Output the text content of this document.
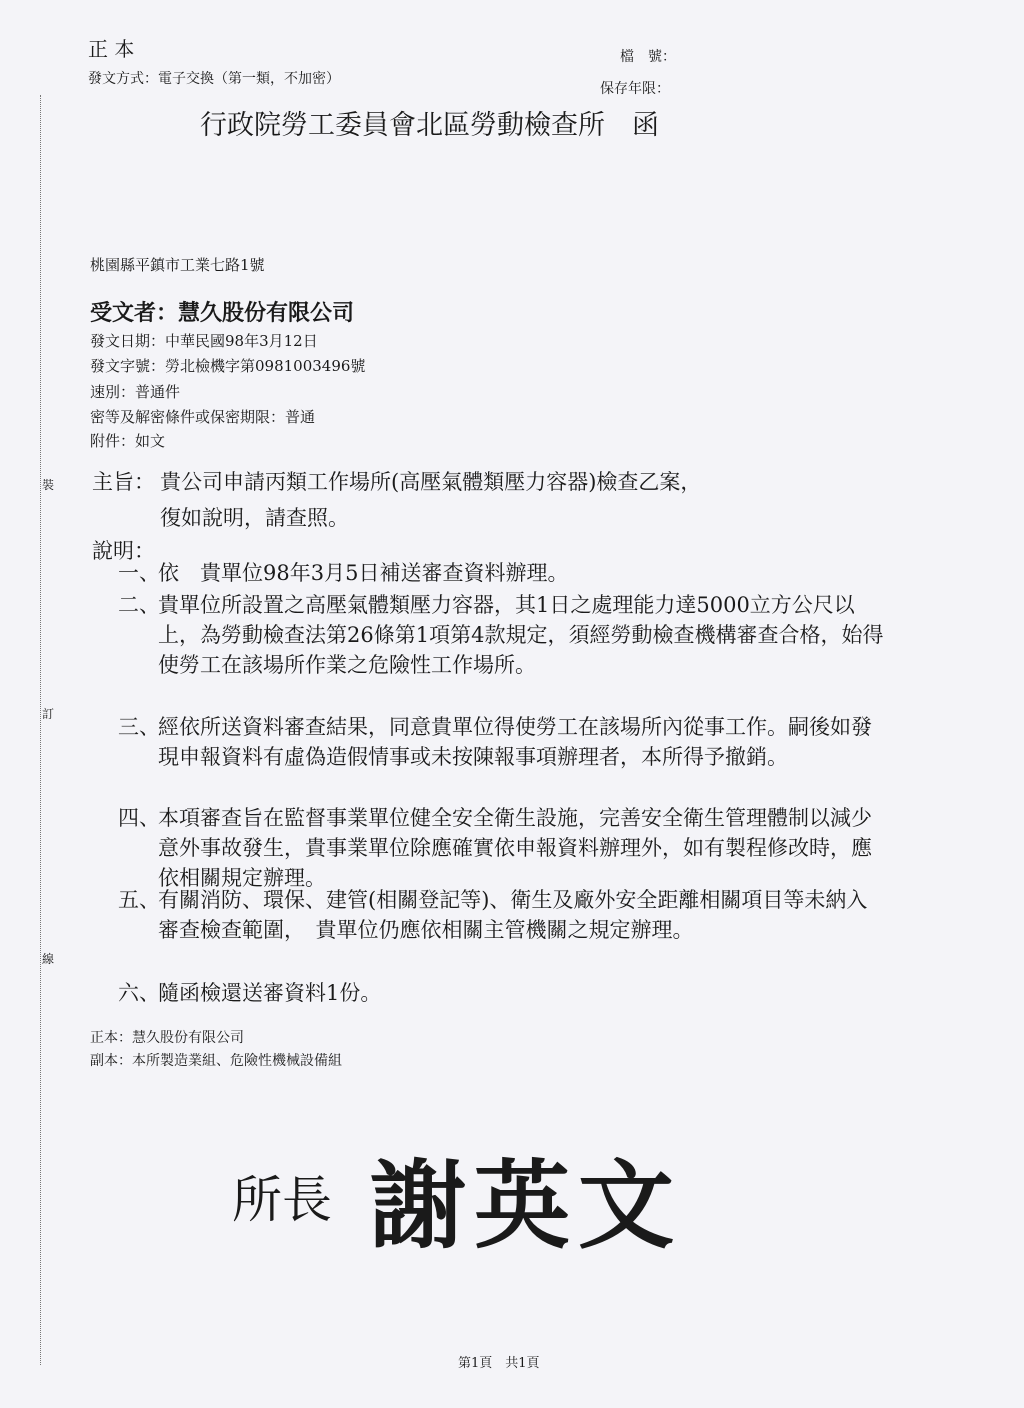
裝
訂
線
正 本
發文方式：電子交換（第一類，不加密）
檔　號：
保存年限：
行政院勞工委員會北區勞動檢查所　函
桃園縣平鎮市工業七路1號
受文者：慧久股份有限公司
發文日期：中華民國98年3月12日
發文字號：勞北檢機字第0981003496號
速別：普通件
密等及解密條件或保密期限：普通
附件：如文
主旨： 貴公司申請丙類工作場所(高壓氣體類壓力容器)檢查乙案，
復如說明，請查照。
說明：
一、
依　貴單位98年3月5日補送審查資料辦理。
二、
貴單位所設置之高壓氣體類壓力容器，其1日之處理能力達5000立方公尺以上，為勞動檢查法第26條第1項第4款規定，須經勞動檢查機構審查合格，始得使勞工在該場所作業之危險性工作場所。
三、
經依所送資料審查結果，同意貴單位得使勞工在該場所內從事工作。嗣後如發現申報資料有虛偽造假情事或未按陳報事項辦理者，本所得予撤銷。
四、
本項審查旨在監督事業單位健全安全衛生設施，完善安全衛生管理體制以減少意外事故發生，貴事業單位除應確實依申報資料辦理外，如有製程修改時，應依相關規定辦理。
五、
有關消防、環保、建管(相關登記等)、衛生及廠外安全距離相關項目等未納入審查檢查範圍，　貴單位仍應依相關主管機關之規定辦理。
六、
隨函檢還送審資料1份。
正本：慧久股份有限公司
副本：本所製造業組、危險性機械設備組
所長 謝英文
第1頁　共1頁
